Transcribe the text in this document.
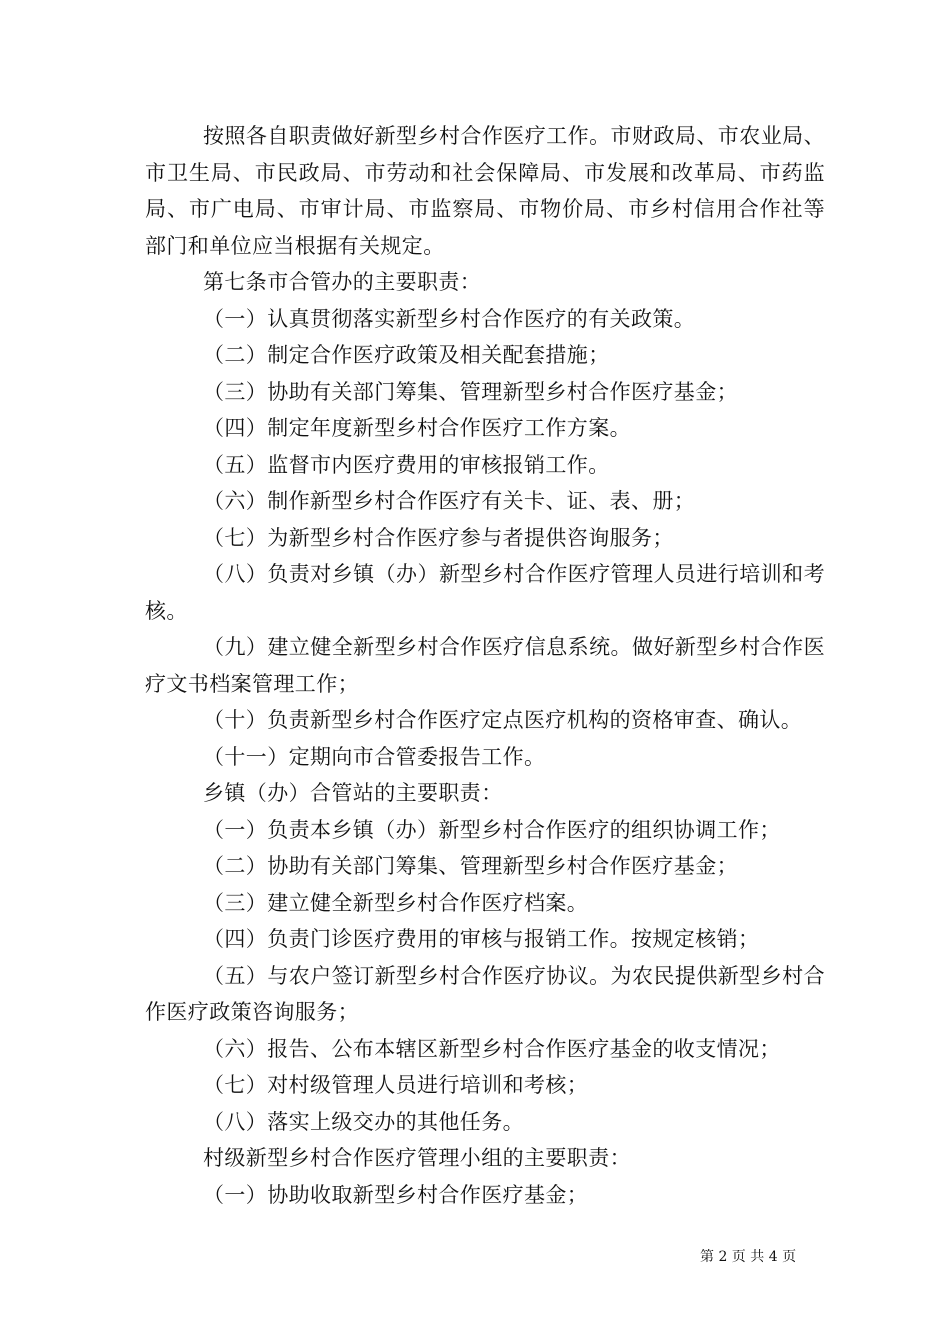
按照各自职责做好新型乡村合作医疗工作。市财政局、市农业局、市卫生局、市民政局、市劳动和社会保障局、市发展和改革局、市药监局、市广电局、市审计局、市监察局、市物价局、市乡村信用合作社等部门和单位应当根据有关规定。

第七条市合管办的主要职责：

（一）认真贯彻落实新型乡村合作医疗的有关政策。

（二）制定合作医疗政策及相关配套措施；

（三）协助有关部门筹集、管理新型乡村合作医疗基金；

（四）制定年度新型乡村合作医疗工作方案。

（五）监督市内医疗费用的审核报销工作。

（六）制作新型乡村合作医疗有关卡、证、表、册；

（七）为新型乡村合作医疗参与者提供咨询服务；

（八）负责对乡镇（办）新型乡村合作医疗管理人员进行培训和考核。

（九）建立健全新型乡村合作医疗信息系统。做好新型乡村合作医疗文书档案管理工作；

（十）负责新型乡村合作医疗定点医疗机构的资格审查、确认。

（十一）定期向市合管委报告工作。

乡镇（办）合管站的主要职责：

（一）负责本乡镇（办）新型乡村合作医疗的组织协调工作；

（二）协助有关部门筹集、管理新型乡村合作医疗基金；

（三）建立健全新型乡村合作医疗档案。

（四）负责门诊医疗费用的审核与报销工作。按规定核销；

（五）与农户签订新型乡村合作医疗协议。为农民提供新型乡村合作医疗政策咨询服务；

（六）报告、公布本辖区新型乡村合作医疗基金的收支情况；

（七）对村级管理人员进行培训和考核；

（八）落实上级交办的其他任务。

村级新型乡村合作医疗管理小组的主要职责：

（一）协助收取新型乡村合作医疗基金；

第 2 页 共 4 页
